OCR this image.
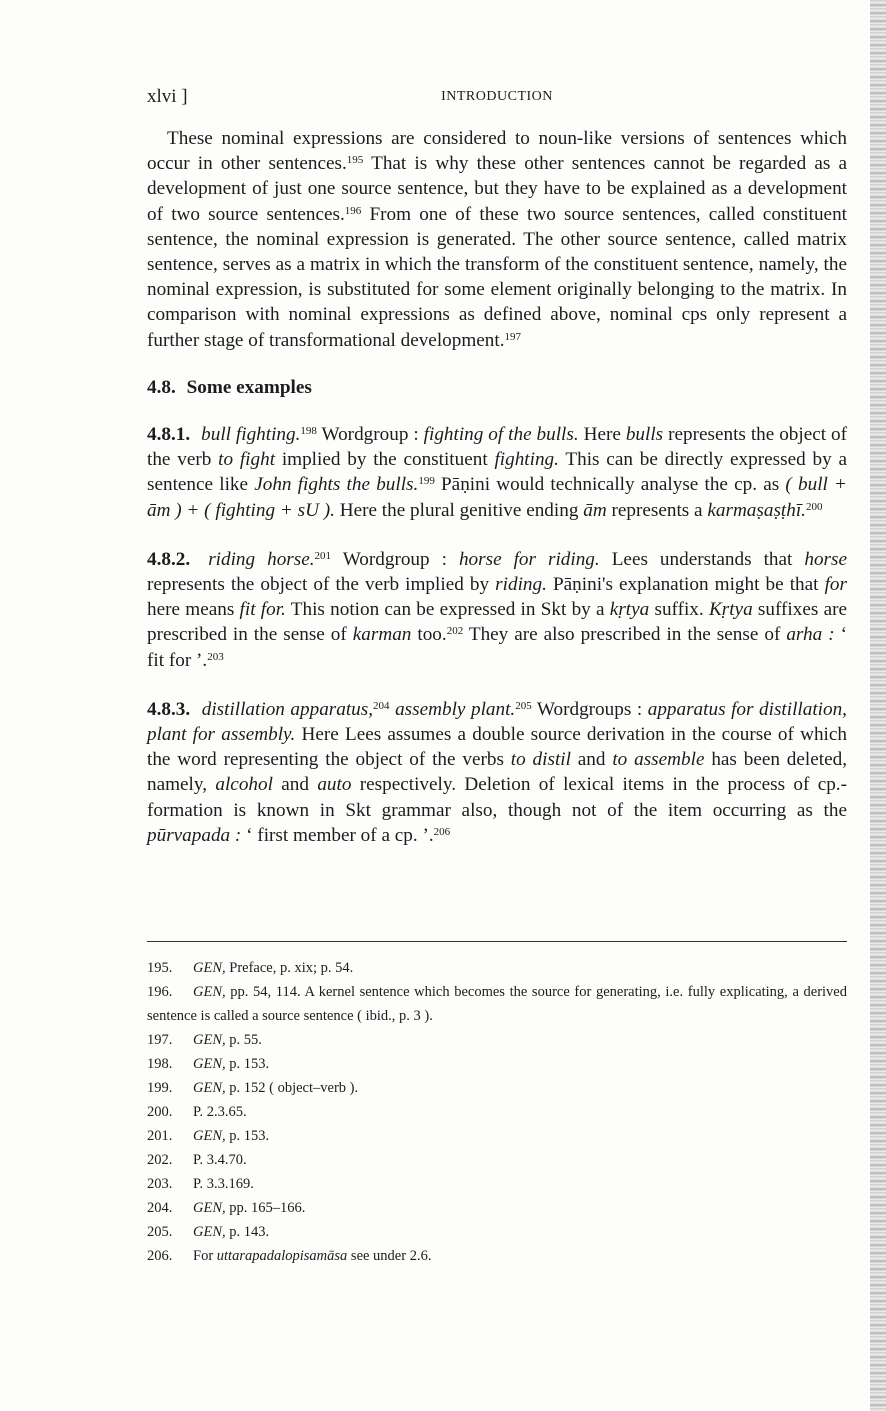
xlvi ]	INTRODUCTION

These nominal expressions are considered to noun-like versions of sentences which occur in other sentences.$^{195}$ That is why these other sentences cannot be regarded as a development of just one source sentence, but they have to be explained as a development of two source sentences.$^{196}$ From one of these two source sentences, called constituent sentence, the nominal expression is generated. The other source sentence, called matrix sentence, serves as a matrix in which the transform of the constituent sentence, namely, the nominal expression, is substituted for some element originally belonging to the matrix. In comparison with nominal expressions as defined above, nominal cps only represent a further stage of transformational development.$^{197}$

4.8. Some examples

4.8.1. bull fighting.$^{198}$ Wordgroup : fighting of the bulls. Here bulls represents the object of the verb to fight implied by the constituent fighting. This can be directly expressed by a sentence like John fights the bulls.$^{199}$ Pāṇini would technically analyse the cp. as ( bull + ām ) + ( fighting + sU ). Here the plural genitive ending ām represents a karmaṣaṣṭhī.$^{200}$

4.8.2. riding horse.$^{201}$ Wordgroup : horse for riding. Lees understands that horse represents the object of the verb implied by riding. Pāṇini's explanation might be that for here means fit for. This notion can be expressed in Skt by a kṛtya suffix. Kṛtya suffixes are prescribed in the sense of karman too.$^{202}$ They are also prescribed in the sense of arha : ‘ fit for ’.$^{203}$

4.8.3. distillation apparatus,$^{204}$ assembly plant.$^{205}$ Wordgroups : apparatus for distillation, plant for assembly. Here Lees assumes a double source derivation in the course of which the word representing the object of the verbs to distil and to assemble has been deleted, namely, alcohol and auto respectively. Deletion of lexical items in the process of cp.-formation is known in Skt grammar also, though not of the item occurring as the pūrvapada : ‘ first member of a cp. ’.$^{206}$

195.	GEN, Preface, p. xix; p. 54.
196. GEN, pp. 54, 114. A kernel sentence which becomes the source for generating, i.e. fully explicating, a derived sentence is called a source sentence ( ibid., p. 3 ).
197.	GEN, p. 55.
198.	GEN, p. 153.
199.	GEN, p. 152 ( object–verb ).
200.	P. 2.3.65.
201.	GEN, p. 153.
202.	P. 3.4.70.
203.	P. 3.3.169.
204.	GEN, pp. 165–166.
205.	GEN, p. 143.
206.	For uttarapadalopisamāsa see under 2.6.
